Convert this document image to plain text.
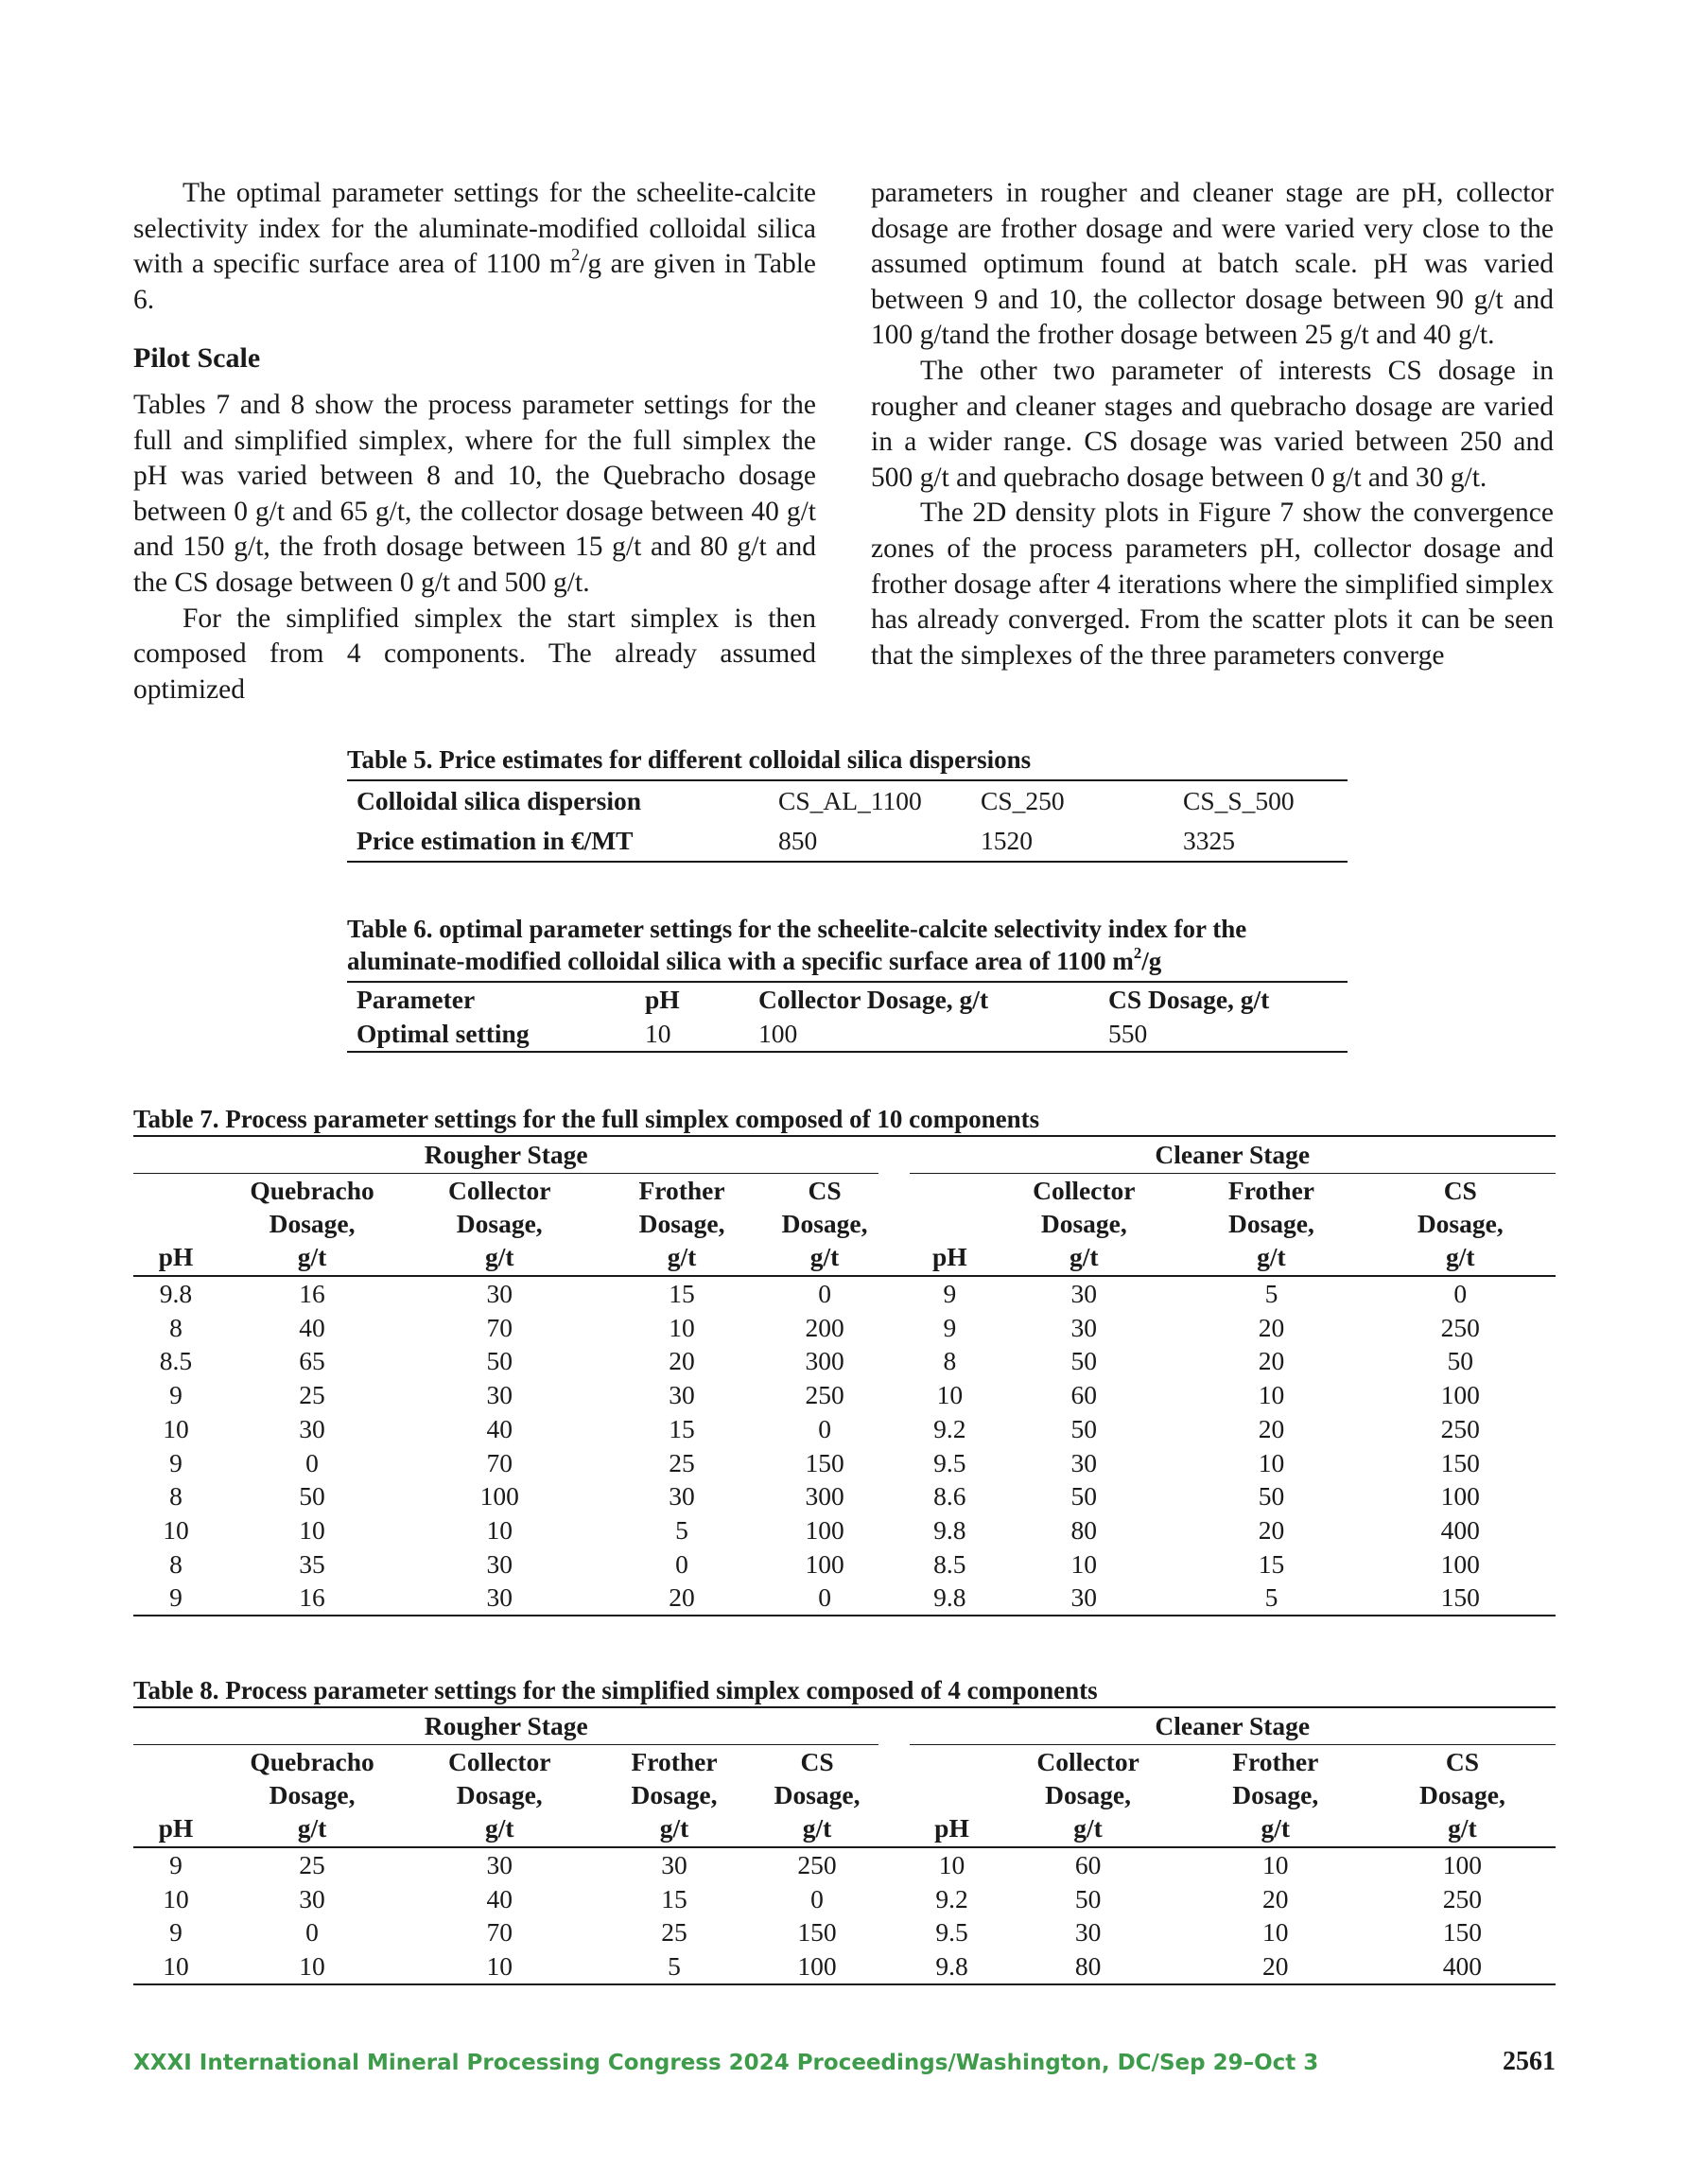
The optimal parameter settings for the scheelite-calcite selectivity index for the aluminate-modified colloidal silica with a specific surface area of 1100 $m^2/g$ are given in Table 6.

Pilot Scale

Tables 7 and 8 show the process parameter settings for the full and simplified simplex, where for the full simplex the pH was varied between 8 and 10, the Quebracho dosage between 0 g/t and 65 g/t, the collector dosage between 40 g/t and 150 g/t, the froth dosage between 15 g/t and 80 g/t and the CS dosage between 0 g/t and 500 g/t.

For the simplified simplex the start simplex is then composed from 4 components. The already assumed optimized

parameters in rougher and cleaner stage are pH, collector dosage are frother dosage and were varied very close to the assumed optimum found at batch scale. pH was varied between 9 and 10, the collector dosage between 90 g/t and 100 g/tand the frother dosage between 25 g/t and 40 g/t.

The other two parameter of interests CS dosage in rougher and cleaner stages and quebracho dosage are varied in a wider range. CS dosage was varied between 250 and 500 g/t and quebracho dosage between 0 g/t and 30 g/t.

The 2D density plots in Figure 7 show the convergence zones of the process parameters pH, collector dosage and frother dosage after 4 iterations where the simplified simplex has already converged. From the scatter plots it can be seen that the simplexes of the three parameters converge

Table 5. Price estimates for different colloidal silica dispersions

Colloidal silica dispersion	CS_AL_1100	CS_250	CS_S_500
Price estimation in €/MT	850	1520	3325

Table 6. optimal parameter settings for the scheelite-calcite selectivity index for the
aluminate-modified colloidal silica with a specific surface area of 1100 $m^2/g$

Parameter	pH	Collector Dosage, g/t	CS Dosage, g/t
Optimal setting	10	100	550

Table 7. Process parameter settings for the full simplex composed of 10 components

Rougher Stage						Cleaner Stage			
pH	Quebracho
Dosage,
g/t	Collector
Dosage,
g/t	Frother
Dosage,
g/t	CS
Dosage,
g/t		pH	Collector
Dosage,
g/t	Frother
Dosage,
g/t	CS
Dosage,
g/t
9.8	16	30	15	0		9	30	5	0
8	40	70	10	200		9	30	20	250
8.5	65	50	20	300		8	50	20	50
9	25	30	30	250		10	60	10	100
10	30	40	15	0		9.2	50	20	250
9	0	70	25	150		9.5	30	10	150
8	50	100	30	300		8.6	50	50	100
10	10	10	5	100		9.8	80	20	400
8	35	30	0	100		8.5	10	15	100
9	16	30	20	0		9.8	30	5	150

Table 8. Process parameter settings for the simplified simplex composed of 4 components

Rougher Stage						Cleaner Stage			
pH	Quebracho
Dosage,
g/t	Collector
Dosage,
g/t	Frother
Dosage,
g/t	CS
Dosage,
g/t		pH	Collector
Dosage,
g/t	Frother
Dosage,
g/t	CS
Dosage,
g/t
9	25	30	30	250		10	60	10	100
10	30	40	15	0		9.2	50	20	250
9	0	70	25	150		9.5	30	10	150
10	10	10	5	100		9.8	80	20	400
XXXI International Mineral Processing Congress 2024 Proceedings/Washington, DC/Sep 29–Oct 3	2561
